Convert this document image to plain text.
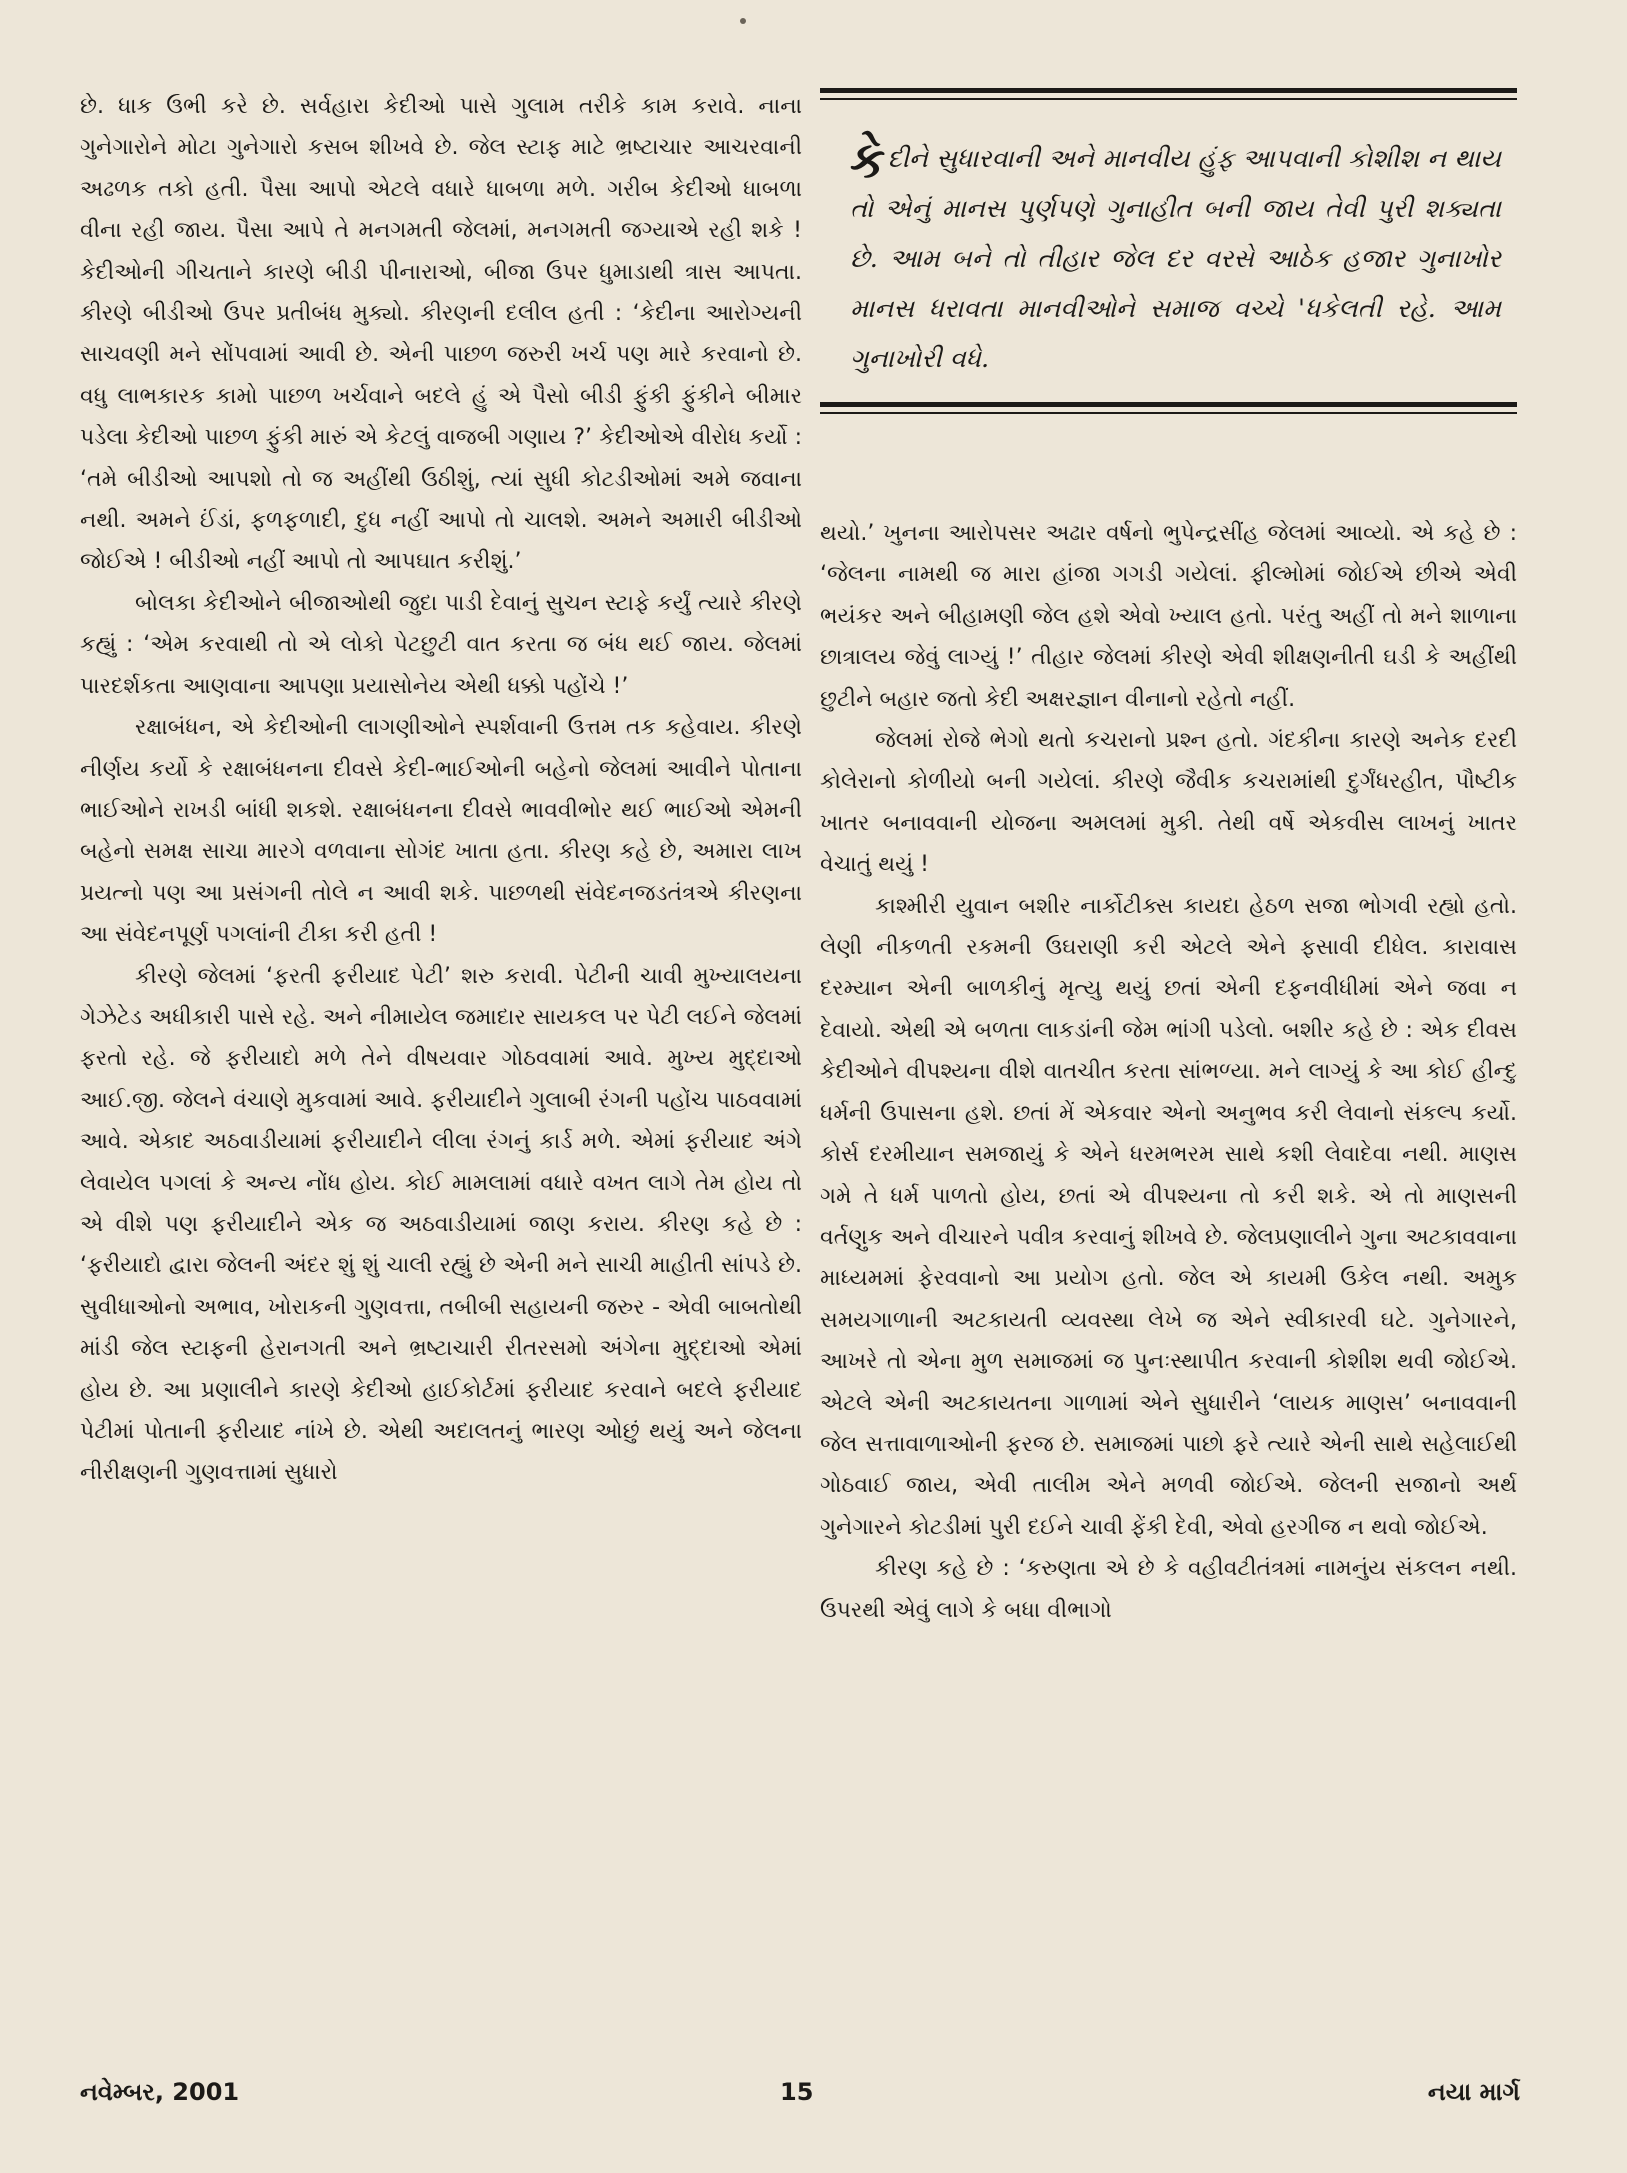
છે. ધાક ઉભી કરે છે. સર્વહારા કેદીઓ પાસે ગુલામ તરીકે કામ કરાવે. નાના ગુનેગારોને મોટા ગુનેગારો કસબ શીખવે છે. જેલ સ્ટાફ માટે ભ્રષ્ટાચાર આચરવાની અઢળક તકો હતી. પૈસા આપો એટલે વધારે ધાબળા મળે. ગરીબ કેદીઓ ધાબળા વીના રહી જાય. પૈસા આપે તે મનગમતી જેલમાં, મનગમતી જગ્યાએ રહી શકે ! કેદીઓની ગીચતાને કારણે બીડી પીનારાઓ, બીજા ઉપર ધુમાડાથી ત્રાસ આપતા. કીરણે બીડીઓ ઉપર પ્રતીબંધ મુક્યો. કીરણની દલીલ હતી : ‘કેદીના આરોગ્યની સાચવણી મને સોંપવામાં આવી છે. એની પાછળ જરુરી ખર્ચ પણ મારે કરવાનો છે. વધુ લાભકારક કામો પાછળ ખર્ચવાને બદલે હું એ પૈસો બીડી ફુંકી ફુંકીને બીમાર પડેલા કેદીઓ પાછળ ફુંકી મારું એ કેટલું વાજબી ગણાય ?’ કેદીઓએ વીરોધ કર્યો : ‘તમે બીડીઓ આપશો તો જ અહીંથી ઉઠીશું, ત્યાં સુધી કોટડીઓમાં અમે જવાના નથી. અમને ઈંડાં, ફળફળાદી, દુધ નહીં આપો તો ચાલશે. અમને અમારી બીડીઓ જોઈએ ! બીડીઓ નહીં આપો તો આપઘાત કરીશું.’

બોલકા કેદીઓને બીજાઓથી જુદા પાડી દેવાનું સુચન સ્ટાફે કર્યું ત્યારે કીરણે કહ્યું : ‘એમ કરવાથી તો એ લોકો પેટછુટી વાત કરતા જ બંધ થઈ જાય. જેલમાં પારદર્શકતા આણવાના આપણા પ્રયાસોનેય એથી ધક્કો પહોંચે !’

રક્ષાબંધન, એ કેદીઓની લાગણીઓને સ્પર્શવાની ઉત્તમ તક કહેવાય. કીરણે નીર્ણય કર્યો કે રક્ષાબંધનના દીવસે કેદી-ભાઈઓની બહેનો જેલમાં આવીને પોતાના ભાઈઓને રાખડી બાંધી શકશે. રક્ષાબંધનના દીવસે ભાવવીભોર થઈ ભાઈઓ એમની બહેનો સમક્ષ સાચા મારગે વળવાના સોગંદ ખાતા હતા. કીરણ કહે છે, અમારા લાખ પ્રયત્નો પણ આ પ્રસંગની તોલે ન આવી શકે. પાછળથી સંવેદનજડતંત્રએ કીરણના આ સંવેદનપૂર્ણ પગલાંની ટીકા કરી હતી !

કીરણે જેલમાં ‘ફરતી ફરીયાદ પેટી’ શરુ કરાવી. પેટીની ચાવી મુખ્યાલયના ગેઝેટેડ અધીકારી પાસે રહે. અને નીમાયેલ જમાદાર સાયકલ પર પેટી લઈને જેલમાં ફરતો રહે. જે ફરીયાદો મળે તેને વીષયવાર ગોઠવવામાં આવે. મુખ્ય મુદ્દાઓ આઈ.જી. જેલને વંચાણે મુકવામાં આવે. ફરીયાદીને ગુલાબી રંગની પહોંચ પાઠવવામાં આવે. એકાદ અઠવાડીયામાં ફરીયાદીને લીલા રંગનું કાર્ડ મળે. એમાં ફરીયાદ અંગે લેવાયેલ પગલાં કે અન્ય નોંધ હોય. કોઈ મામલામાં વધારે વખત લાગે તેમ હોય તો એ વીશે પણ ફરીયાદીને એક જ અઠવાડીયામાં જાણ કરાય. કીરણ કહે છે : ‘ફરીયાદો દ્વારા જેલની અંદર શું શું ચાલી રહ્યું છે એની મને સાચી માહીતી સાંપડે છે. સુવીધાઓનો અભાવ, ખોરાકની ગુણવત્તા, તબીબી સહાયની જરુર - એવી બાબતોથી માંડી જેલ સ્ટાફની હેરાનગતી અને ભ્રષ્ટાચારી રીતરસમો અંગેના મુદ્દાઓ એમાં હોય છે. આ પ્રણાલીને કારણે કેદીઓ હાઈકોર્ટમાં ફરીયાદ કરવાને બદલે ફરીયાદ પેટીમાં પોતાની ફરીયાદ નાંખે છે. એથી અદાલતનું ભારણ ઓછું થયું અને જેલના નીરીક્ષણની ગુણવત્તામાં સુધારો

કેદીને સુધારવાની અને માનવીય હુંફ આપવાની કોશીશ ન થાય તો એનું માનસ પુર્ણપણે ગુનાહીત બની જાય તેવી પુરી શક્યતા છે. આમ બને તો તીહાર જેલ દર વરસે આઠેક હજાર ગુનાખોર માનસ ધરાવતા માનવીઓને સમાજ વચ્ચે 'ધકેલતી રહે. આમ ગુનાખોરી વધે.

થયો.’ ખુનના આરોપસર અઢાર વર્ષનો ભુપેન્દ્રસીંહ જેલમાં આવ્યો. એ કહે છે : ‘જેલના નામથી જ મારા હાંજા ગગડી ગયેલાં. ફીલ્મોમાં જોઈએ છીએ એવી ભયંકર અને બીહામણી જેલ હશે એવો ખ્યાલ હતો. પરંતુ અહીં તો મને શાળાના છાત્રાલય જેવું લાગ્યું !’ તીહાર જેલમાં કીરણે એવી શીક્ષણનીતી ઘડી કે અહીંથી છુટીને બહાર જતો કેદી અક્ષરજ્ઞાન વીનાનો રહેતો નહીં.

જેલમાં રોજે ભેગો થતો કચરાનો પ્રશ્ન હતો. ગંદકીના કારણે અનેક દરદી કોલેરાનો કોળીયો બની ગયેલાં. કીરણે જૈવીક કચરામાંથી દુર્ગંધરહીત, પૌષ્ટીક ખાતર બનાવવાની યોજના અમલમાં મુકી. તેથી વર્ષે એકવીસ લાખનું ખાતર વેચાતું થયું !

કાશ્મીરી યુવાન બશીર નાર્કોટીક્સ કાયદા હેઠળ સજા ભોગવી રહ્યો હતો. લેણી નીકળતી રકમની ઉઘરાણી કરી એટલે એને ફસાવી દીધેલ. કારાવાસ દરમ્યાન એની બાળકીનું મૃત્યુ થયું છતાં એની દફનવીધીમાં એને જવા ન દેવાયો. એથી એ બળતા લાકડાંની જેમ ભાંગી પડેલો. બશીર કહે છે : એક દીવસ કેદીઓને વીપશ્યના વીશે વાતચીત કરતા સાંભળ્યા. મને લાગ્યું કે આ કોઈ હીન્દુ ધર્મની ઉપાસના હશે. છતાં મેં એકવાર એનો અનુભવ કરી લેવાનો સંકલ્પ કર્યો. કોર્સ દરમીયાન સમજાયું કે એને ધરમભરમ સાથે કશી લેવાદેવા નથી. માણસ ગમે તે ધર્મ પાળતો હોય, છતાં એ વીપશ્યના તો કરી શકે. એ તો માણસની વર્તણુક અને વીચારને પવીત્ર કરવાનું શીખવે છે. જેલપ્રણાલીને ગુના અટકાવવાના માધ્યમમાં ફેરવવાનો આ પ્રયોગ હતો. જેલ એ કાયમી ઉકેલ નથી. અમુક સમયગાળાની અટકાયતી વ્યવસ્થા લેખે જ એને સ્વીકારવી ઘટે. ગુનેગારને, આખરે તો એના મુળ સમાજમાં જ પુનઃસ્થાપીત કરવાની કોશીશ થવી જોઈએ. એટલે એની અટકાયતના ગાળામાં એને સુધારીને ‘લાયક માણસ’ બનાવવાની જેલ સત્તાવાળાઓની ફરજ છે. સમાજમાં પાછો ફરે ત્યારે એની સાથે સહેલાઈથી ગોઠવાઈ જાય, એવી તાલીમ એને મળવી જોઈએ. જેલની સજાનો અર્થ ગુનેગારને કોટડીમાં પુરી દઈને ચાવી ફેંકી દેવી, એવો હરગીજ ન થવો જોઈએ.

કીરણ કહે છે : ‘કરુણતા એ છે કે વહીવટીતંત્રમાં નામનુંય સંકલન નથી. ઉપરથી એવું લાગે કે બધા વીભાગો

નવેમ્બર, 2001	15	નયા માર્ગ
